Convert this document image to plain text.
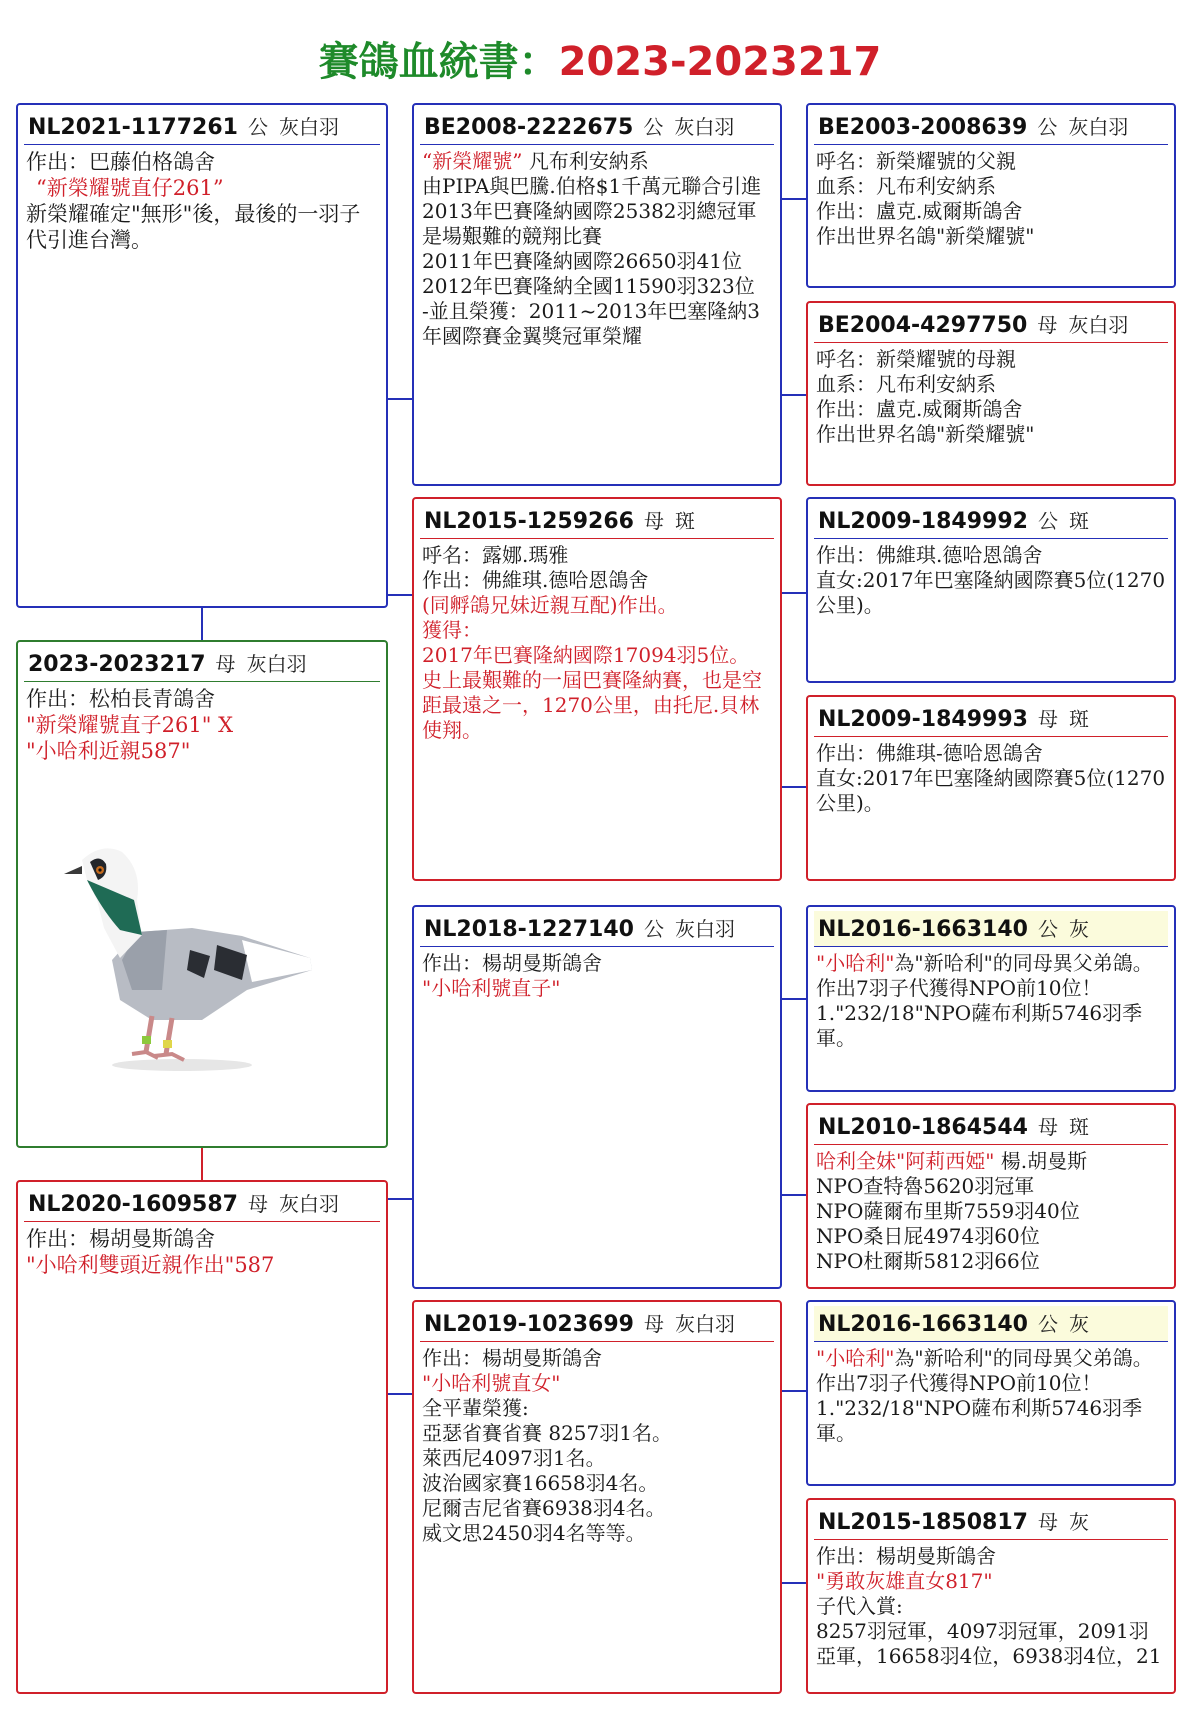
賽鴿血統書：2023-2023217
NL2021-1177261 公 灰白羽
作出：巴藤伯格鴿舍
“新榮耀號直仔261”
新榮耀確定"無形"後，最後的一羽子代引進台灣。
2023-2023217 母 灰白羽
作出：松柏長青鴿舍
"新榮耀號直子261" X
"小哈利近親587"
NL2020-1609587 母 灰白羽
作出：楊胡曼斯鴿舍
"小哈利雙頭近親作出"587
BE2008-2222675 公 灰白羽
“新榮耀號” 凡布利安納系
由PIPA與巴騰.伯格$1千萬元聯合引進
2013年巴賽隆納國際25382羽總冠軍是場艱難的競翔比賽
2011年巴賽隆納國際26650羽41位
2012年巴賽隆納全國11590羽323位
-並且榮獲：2011~2013年巴塞隆納3年國際賽金翼獎冠軍榮耀
NL2015-1259266 母 斑
呼名：露娜.瑪雅
作出：佛維琪.德哈恩鴿舍
(同孵鴿兄妹近親互配)作出。
獲得：
2017年巴賽隆納國際17094羽5位。
史上最艱難的一屆巴賽隆納賽，也是空距最遠之一，1270公里，由托尼.貝林使翔。
NL2018-1227140 公 灰白羽
作出：楊胡曼斯鴿舍
"小哈利號直子"
NL2019-1023699 母 灰白羽
作出：楊胡曼斯鴿舍
"小哈利號直女"
全平輩榮獲:
亞瑟省賽省賽 8257羽1名。
萊西尼4097羽1名。
波治國家賽16658羽4名。
尼爾吉尼省賽6938羽4名。
威文思2450羽4名等等。
BE2003-2008639 公 灰白羽
呼名：新榮耀號的父親
血系：凡布利安納系
作出：盧克.威爾斯鴿舍
作出世界名鴿"新榮耀號"
BE2004-4297750 母 灰白羽
呼名：新榮耀號的母親
血系：凡布利安納系
作出：盧克.威爾斯鴿舍
作出世界名鴿"新榮耀號"
NL2009-1849992 公 斑
作出：佛維琪.德哈恩鴿舍
直女:2017年巴塞隆納國際賽5位(1270公里)。
NL2009-1849993 母 斑
作出：佛維琪-德哈恩鴿舍
直女:2017年巴塞隆納國際賽5位(1270公里)。
NL2016-1663140 公 灰
"小哈利"為"新哈利"的同母異父弟鴿。
作出7羽子代獲得NPO前10位！
1."232/18"NPO薩布利斯5746羽季軍。
NL2010-1864544 母 斑
哈利全妹"阿莉西婭" 楊.胡曼斯
NPO查特魯5620羽冠軍
NPO薩爾布里斯7559羽40位
NPO桑日屁4974羽60位
NPO杜爾斯5812羽66位
NL2016-1663140 公 灰
"小哈利"為"新哈利"的同母異父弟鴿。
作出7羽子代獲得NPO前10位！
1."232/18"NPO薩布利斯5746羽季軍。
NL2015-1850817 母 灰
作出：楊胡曼斯鴿舍
"勇敢灰雄直女817"
子代入賞:
8257羽冠軍，4097羽冠軍，2091羽亞軍，16658羽4位，6938羽4位，21
